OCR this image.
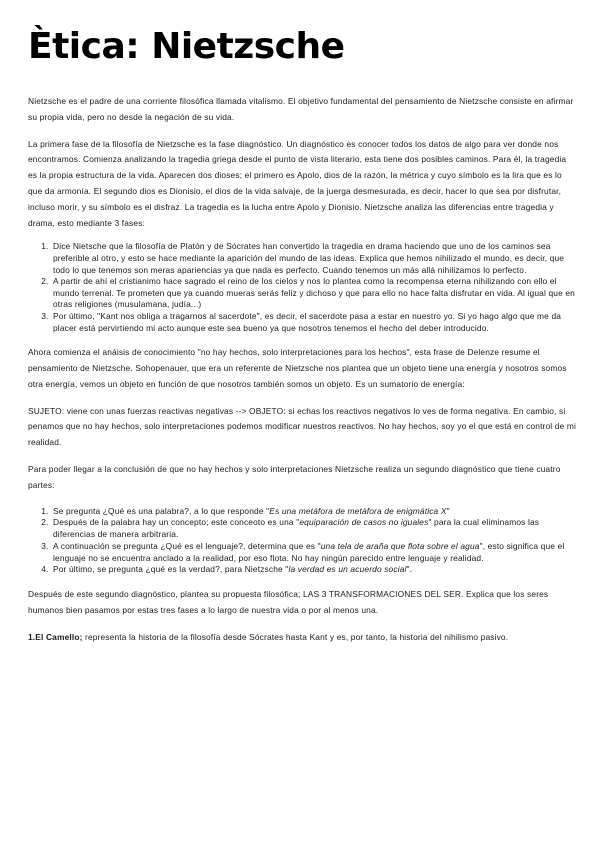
Ètica: Nietzsche

Nietzsche es el padre de una corriente filosófica llamada vitalismo. El objetivo fundamental del pensamiento de Nietzsche consiste en afirmar su propia vida, pero no desde la negación de su vida.

La primera fase de la filosofía de Nietzsche es la fase diagnóstico. Un diagnóstico es conocer todos los datos de algo para ver donde nos encontramos. Comienza analizando la tragedia griega desde el punto de vista literario, esta tiene dos posibles caminos. Para él, la tragedia es la propia estructura de la vida. Aparecen dos dioses; el primero es Apolo, dios de la razón, la métrica y cuyo símbolo es la lira que es lo que da armonía. El segundo dios es Dionisio, el dios de la vida salvaje, de la juerga desmesurada, es decir, hacer lo que sea por disfrutar, incluso morir, y su símbolo es el disfraz. La tragedia es la lucha entre Apolo y Dionisio. Nietzsche analiza las diferencias entre tragedia y drama, esto mediante 3 fases:

1. Dice Nietsche que la filosofía de Platón y de Sócrates han convertido la tragedia en drama haciendo que uno de los caminos sea preferible al otro, y esto se hace mediante la aparición del mundo de las ideas. Explica que hemos nihilizado el mundo, es decir, que todo lo que tenemos son meras apariencias ya que nada es perfecto. Cuando tenemos un más allá nihilizamos lo perfecto.
2. A partir de ahí el cristianimo hace sagrado el reino de los cielos y nos lo plantea como la recompensa eterna nihilizando con ello el mundo terrenal. Te prometen que ya cuando mueras serás feliz y dichoso y que para ello no hace falta disfrutar en vida. Al igual que en otras religiones (musulamana, judía...)
3. Por último, "Kant nos obliga a tragarnos al sacerdote", es decir, el sacerdote pasa a estar en nuestro yo. Si yo hago algo que me da placer está pervirtiendo mi acto aunque este sea bueno ya que nosotros tenemos el hecho del deber introducido.

Ahora comienza el anáisis de conocimiento "no hay hechos, solo interpretaciones para los hechos", esta frase de Delenze resume el pensamiento de Nietzsche. Sohopenauer, que era un referente de Nietzsche nos plantea que un objeto tiene una energía y nosotros somos otra energía, vemos un objeto en función de que nosotros también somos un objeto. Es un sumatorio de energía:

SUJETO: viene con unas fuerzas reactivas negativas --> OBJETO: si echas los reactivos negativos lo ves de forma negativa. En cambio, si penamos que no hay hechos, solo interpretaciones podemos modificar nuestros reactivos. No hay hechos, soy yo el que está en control de mi realidad.

Para poder llegar a la conclusión de que no hay hechos y solo interpretaciones Nietzsche realiza un segundo diagnóstico que tiene cuatro partes:

1. Se pregunta ¿Qué es una palabra?, a lo que responde "Es una metáfora de metáfora de enigmática X"
2. Después de la palabra hay un concepto; este conceoto es una "equiparación de casos no iguales" para la cual eliminamos las diferencias de manera arbitraria.
3. A continuación se pregunta ¿Qué es el lenguaje?, determina que es "una tela de araña que flota sobre el agua", esto significa que el lenguaje no se encuentra anclado a la realidad, por eso flota. No hay ningún parecido entre lenguaje y realidad.
4. Por último, se pregunta ¿qué es la verdad?, para Nietzsche "la verdad es un acuerdo social".

Después de este segundo diagnóstico, plantea su propuesta filosófica; LAS 3 TRANSFORMACIONES DEL SER. Explica que los seres humanos bien pasamos por estas tres fases a lo largo de nuestra vida o por al menos una.

1.El Camello; representa la historia de la filosofía desde Sócrates hasta Kant y es, por tanto, la historia del nihilismo pasivo.
